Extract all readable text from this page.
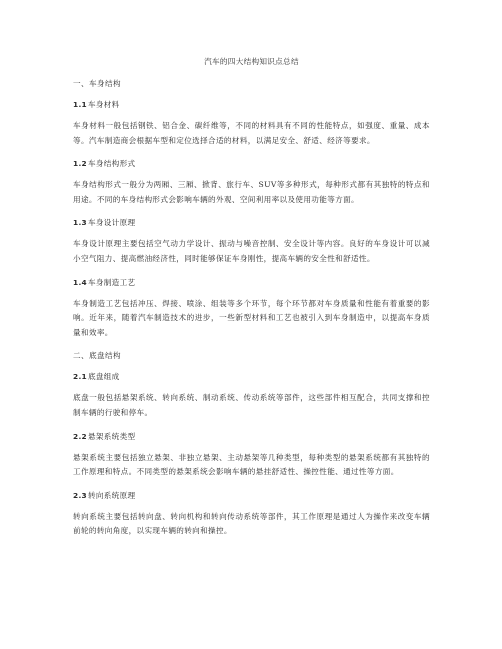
汽车的四大结构知识点总结
一、车身结构
1.1车身材料
车身材料一般包括钢铁、铝合金、碳纤维等，不同的材料具有不同的性能特点，如强度、重量、成本等。汽车制造商会根据车型和定位选择合适的材料，以满足安全、舒适、经济等要求。
1.2车身结构形式
车身结构形式一般分为两厢、三厢、掀背、旅行车、SUV等多种形式，每种形式都有其独特的特点和用途。不同的车身结构形式会影响车辆的外观、空间利用率以及使用功能等方面。
1.3车身设计原理
车身设计原理主要包括空气动力学设计、振动与噪音控制、安全设计等内容。良好的车身设计可以减小空气阻力、提高燃油经济性，同时能够保证车身刚性，提高车辆的安全性和舒适性。
1.4车身制造工艺
车身制造工艺包括冲压、焊接、喷涂、组装等多个环节，每个环节都对车身质量和性能有着重要的影响。近年来，随着汽车制造技术的进步，一些新型材料和工艺也被引入到车身制造中，以提高车身质量和效率。
二、底盘结构
2.1底盘组成
底盘一般包括悬架系统、转向系统、制动系统、传动系统等部件，这些部件相互配合，共同支撑和控制车辆的行驶和停车。
2.2悬架系统类型
悬架系统主要包括独立悬架、非独立悬架、主动悬架等几种类型，每种类型的悬架系统都有其独特的工作原理和特点。不同类型的悬架系统会影响车辆的悬挂舒适性、操控性能、通过性等方面。
2.3转向系统原理
转向系统主要包括转向盘、转向机构和转向传动系统等部件，其工作原理是通过人为操作来改变车辆前轮的转向角度，以实现车辆的转向和操控。
